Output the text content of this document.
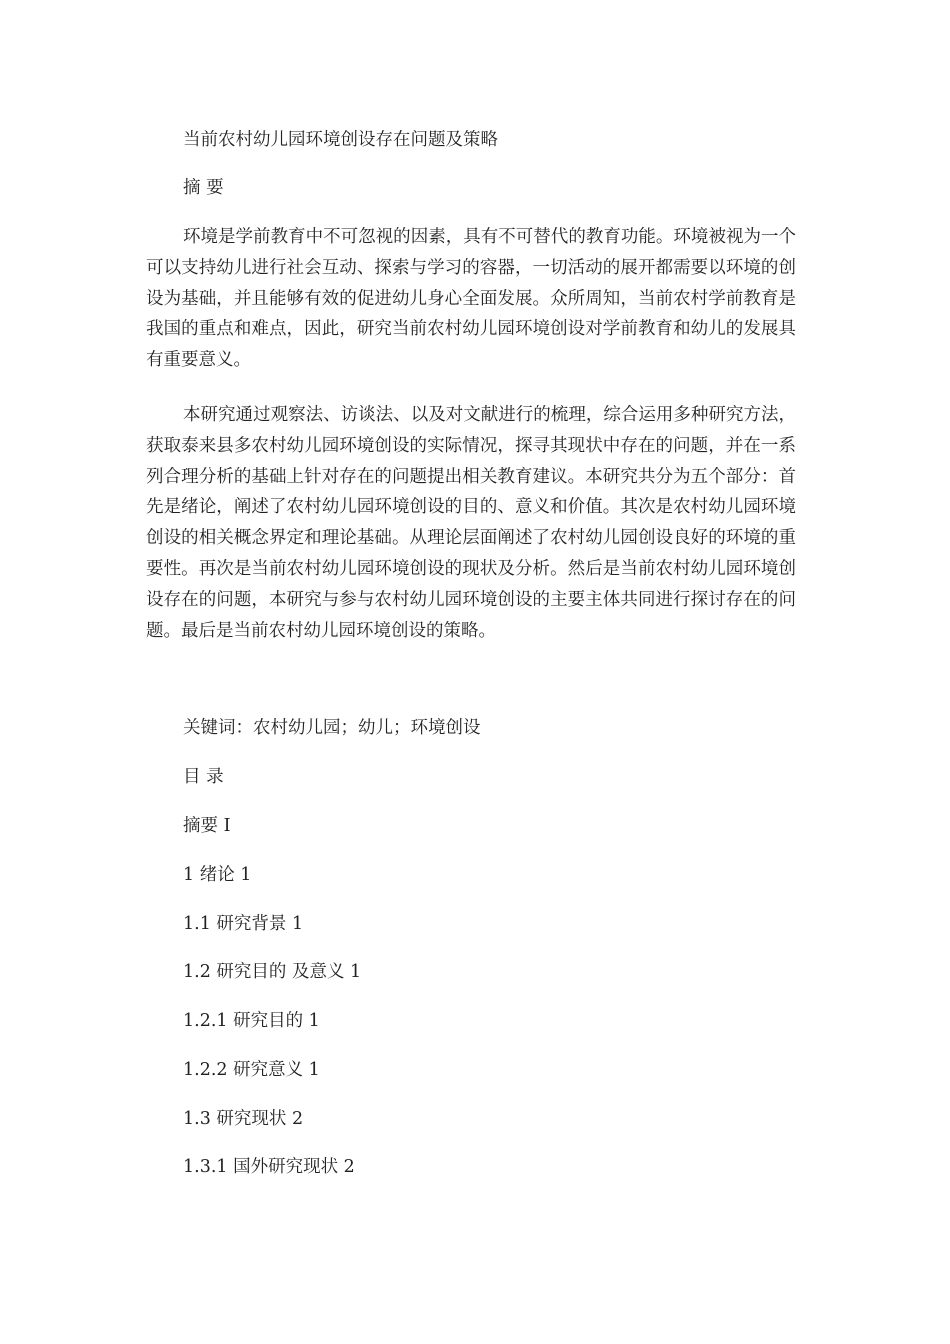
当前农村幼儿园环境创设存在问题及策略

摘 要

环境是学前教育中不可忽视的因素，具有不可替代的教育功能。环境被视为一个可以支持幼儿进行社会互动、探索与学习的容器，一切活动的展开都需要以环境的创设为基础，并且能够有效的促进幼儿身心全面发展。众所周知，当前农村学前教育是我国的重点和难点，因此，研究当前农村幼儿园环境创设对学前教育和幼儿的发展具有重要意义。

本研究通过观察法、访谈法、以及对文献进行的梳理，综合运用多种研究方法，获取泰来县多农村幼儿园环境创设的实际情况，探寻其现状中存在的问题，并在一系列合理分析的基础上针对存在的问题提出相关教育建议。本研究共分为五个部分：首先是绪论，阐述了农村幼儿园环境创设的目的、意义和价值。其次是农村幼儿园环境创设的相关概念界定和理论基础。从理论层面阐述了农村幼儿园创设良好的环境的重要性。再次是当前农村幼儿园环境创设的现状及分析。然后是当前农村幼儿园环境创设存在的问题，本研究与参与农村幼儿园环境创设的主要主体共同进行探讨存在的问题。最后是当前农村幼儿园环境创设的策略。

关键词：农村幼儿园；幼儿；环境创设

目 录

摘要 I

1 绪论 1

1.1 研究背景 1

1.2 研究目的 及意义 1

1.2.1 研究目的 1

1.2.2 研究意义 1

1.3 研究现状 2

1.3.1 国外研究现状 2
